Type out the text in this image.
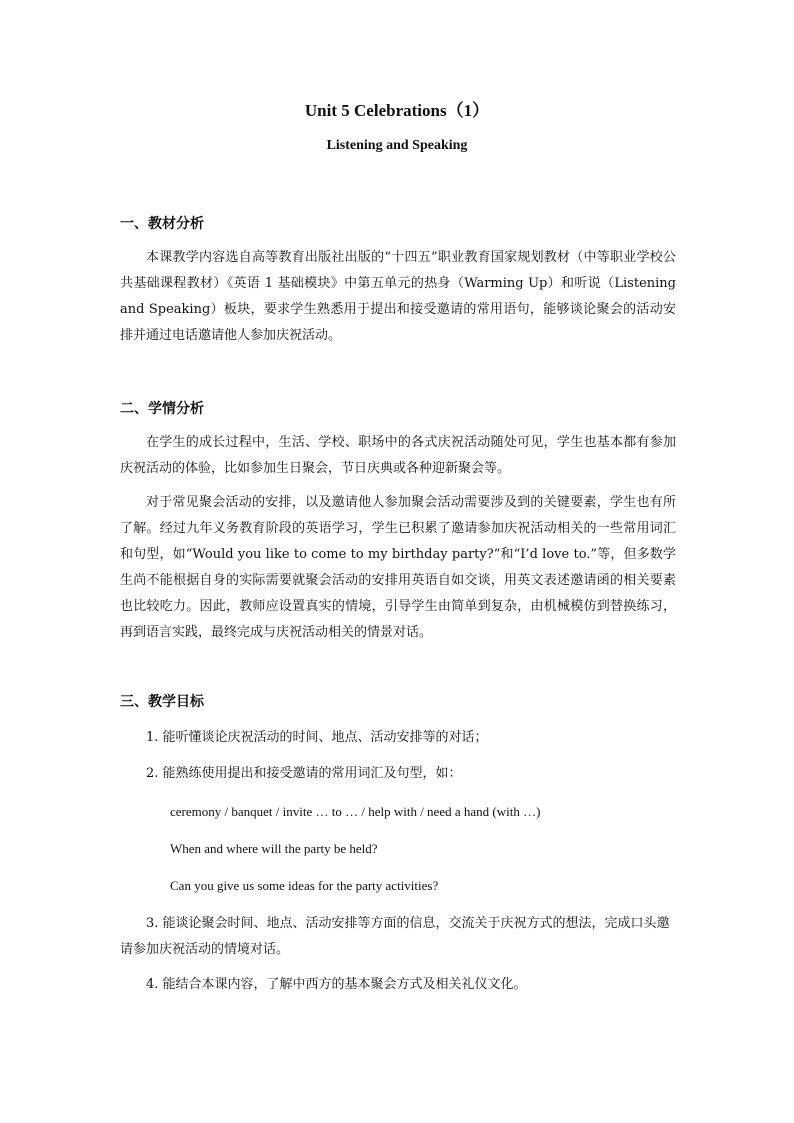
Unit 5 Celebrations（1）
Listening and Speaking
一、教材分析

本课教学内容选自高等教育出版社出版的“十四五”职业教育国家规划教材（中等职业学校公共基础课程教材）《英语 1 基础模块》中第五单元的热身（Warming Up）和听说（Listening and Speaking）板块，要求学生熟悉用于提出和接受邀请的常用语句，能够谈论聚会的活动安排并通过电话邀请他人参加庆祝活动。

二、学情分析

在学生的成长过程中，生活、学校、职场中的各式庆祝活动随处可见，学生也基本都有参加庆祝活动的体验，比如参加生日聚会，节日庆典或各种迎新聚会等。

对于常见聚会活动的安排，以及邀请他人参加聚会活动需要涉及到的关键要素，学生也有所了解。经过九年义务教育阶段的英语学习，学生已积累了邀请参加庆祝活动相关的一些常用词汇和句型，如“Would you like to come to my birthday party?”和“I’d love to.”等，但多数学生尚不能根据自身的实际需要就聚会活动的安排用英语自如交谈，用英文表述邀请函的相关要素也比较吃力。因此，教师应设置真实的情境，引导学生由简单到复杂，由机械模仿到替换练习，再到语言实践，最终完成与庆祝活动相关的情景对话。

三、教学目标

1. 能听懂谈论庆祝活动的时间、地点、活动安排等的对话；

2. 能熟练使用提出和接受邀请的常用词汇及句型，如：

ceremony / banquet / invite … to … / help with / need a hand (with …)
When and where will the party be held?
Can you give us some ideas for the party activities?

3. 能谈论聚会时间、地点、活动安排等方面的信息，交流关于庆祝方式的想法，完成口头邀请参加庆祝活动的情境对话。

4. 能结合本课内容，了解中西方的基本聚会方式及相关礼仪文化。
